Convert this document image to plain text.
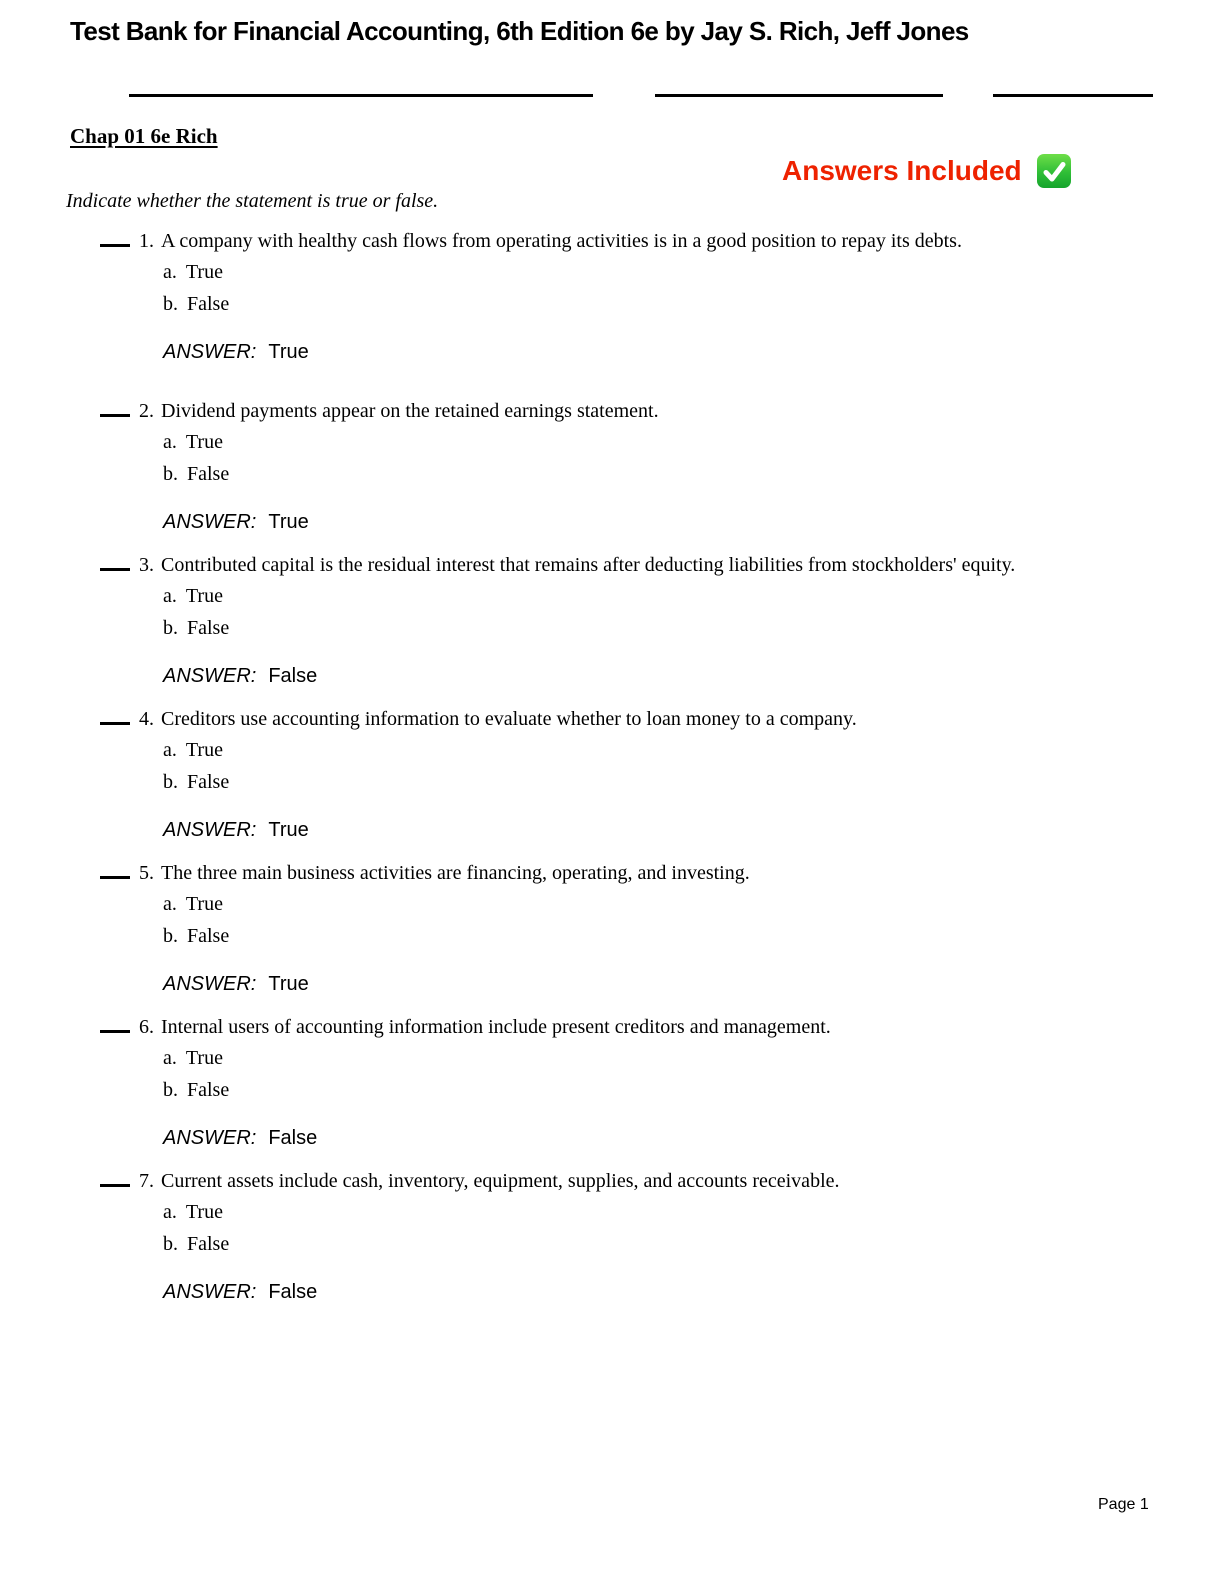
Test Bank for Financial Accounting, 6th Edition 6e by Jay S. Rich, Jeff Jones
Chap 01 6e Rich
Answers Included
Indicate whether the statement is true or false.
1. A company with healthy cash flows from operating activities is in a good position to repay its debts.
a. True
b. False
ANSWER: True
2. Dividend payments appear on the retained earnings statement.
a. True
b. False
ANSWER: True
3. Contributed capital is the residual interest that remains after deducting liabilities from stockholders' equity.
a. True
b. False
ANSWER: False
4. Creditors use accounting information to evaluate whether to loan money to a company.
a. True
b. False
ANSWER: True
5. The three main business activities are financing, operating, and investing.
a. True
b. False
ANSWER: True
6. Internal users of accounting information include present creditors and management.
a. True
b. False
ANSWER: False
7. Current assets include cash, inventory, equipment, supplies, and accounts receivable.
a. True
b. False
ANSWER: False
Page 1
